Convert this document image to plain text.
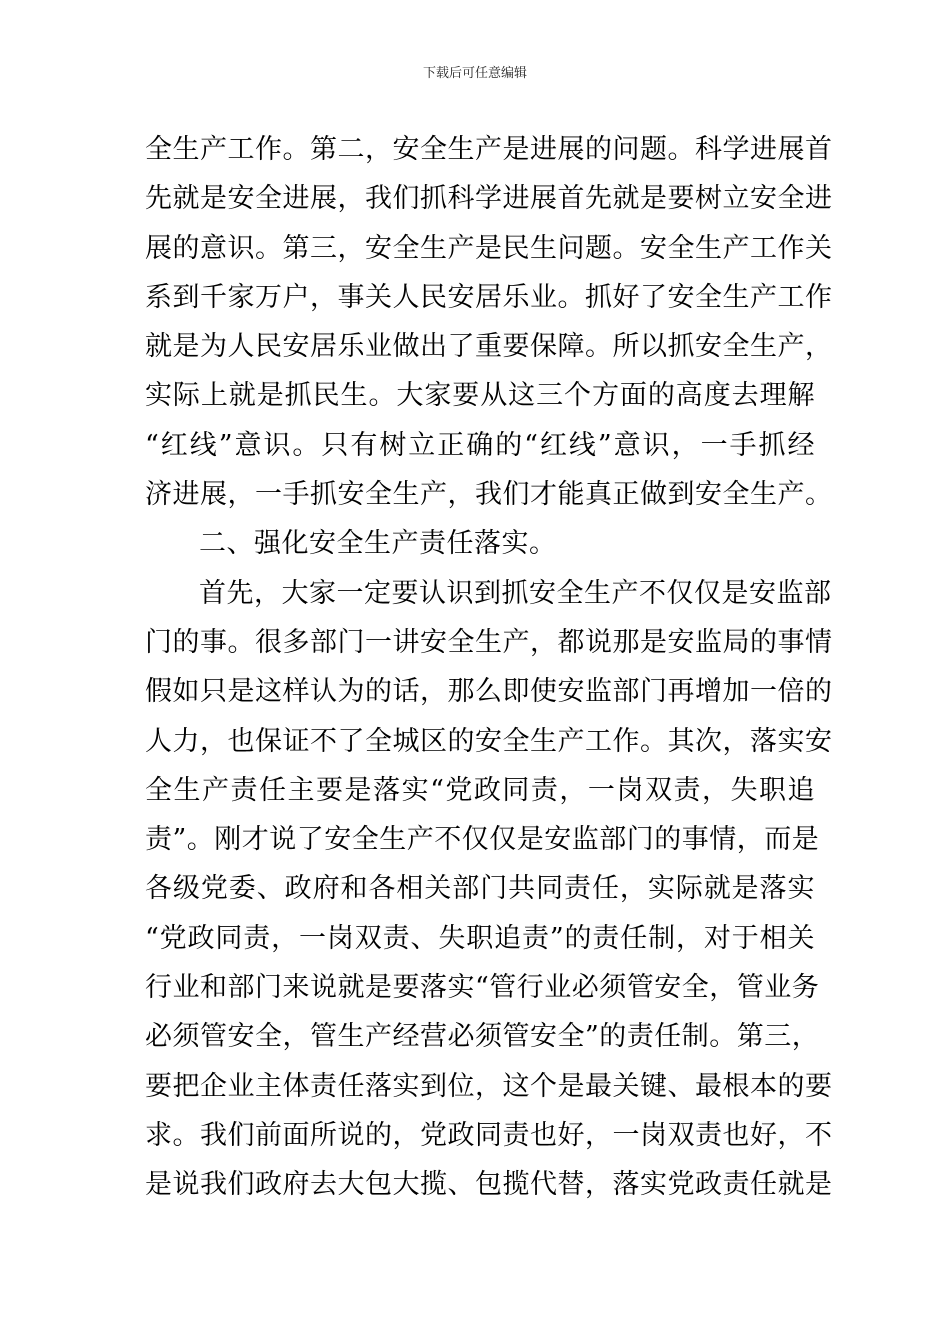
下载后可任意编辑
全生产工作。第二，安全生产是进展的问题。科学进展首
先就是安全进展，我们抓科学进展首先就是要树立安全进
展的意识。第三，安全生产是民生问题。安全生产工作关
系到千家万户，事关人民安居乐业。抓好了安全生产工作
就是为人民安居乐业做出了重要保障。所以抓安全生产，
实际上就是抓民生。大家要从这三个方面的高度去理解
“红线”意识。只有树立正确的“红线”意识，一手抓经
济进展，一手抓安全生产，我们才能真正做到安全生产。
二、强化安全生产责任落实。
首先，大家一定要认识到抓安全生产不仅仅是安监部
门的事。很多部门一讲安全生产，都说那是安监局的事情
假如只是这样认为的话，那么即使安监部门再增加一倍的
人力，也保证不了全城区的安全生产工作。其次，落实安
全生产责任主要是落实“党政同责，一岗双责，失职追
责”。刚才说了安全生产不仅仅是安监部门的事情，而是
各级党委、政府和各相关部门共同责任，实际就是落实
“党政同责，一岗双责、失职追责”的责任制，对于相关
行业和部门来说就是要落实“管行业必须管安全，管业务
必须管安全，管生产经营必须管安全”的责任制。第三，
要把企业主体责任落实到位，这个是最关键、最根本的要
求。我们前面所说的，党政同责也好，一岗双责也好，不
是说我们政府去大包大揽、包揽代替，落实党政责任就是
